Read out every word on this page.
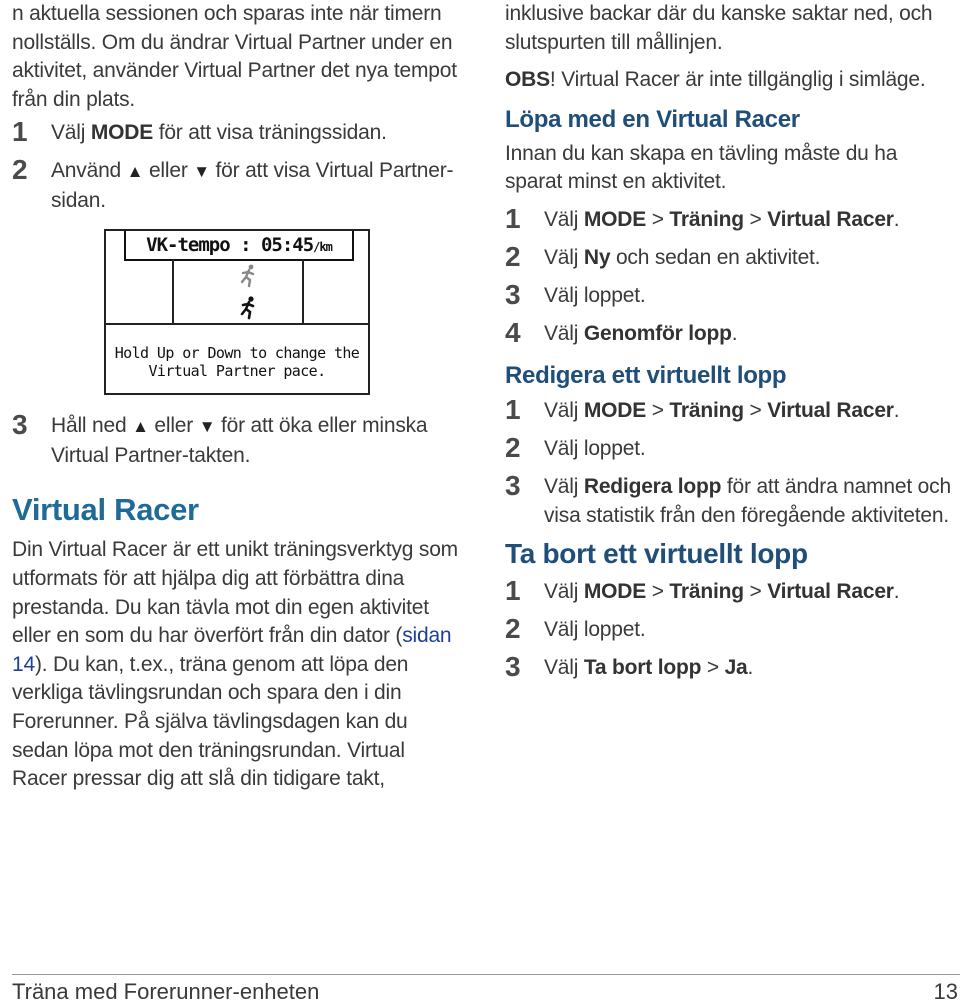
n aktuella sessionen och sparas inte när timern nollställs. Om du ändrar Virtual Partner under en aktivitet, använder Virtual Partner det nya tempot från din plats.

1 Välj MODE för att visa träningssidan.
2 Använd ▲ eller ▼ för att visa Virtual Partner-sidan.
3 Håll ned ▲ eller ▼ för att öka eller minska Virtual Partner-takten.
Virtual Racer

Din Virtual Racer är ett unikt träningsverktyg som utformats för att hjälpa dig att förbättra dina prestanda. Du kan tävla mot din egen aktivitet eller en som du har överfört från din dator (sidan 14). Du kan, t.ex., träna genom att löpa den verkliga tävlingsrundan och spara den i din Forerunner. På själva tävlingsdagen kan du sedan löpa mot den träningsrundan. Virtual Racer pressar dig att slå din tidigare takt,

VK-tempo : 05:45/km
Hold Up or Down to change the Virtual Partner pace.

inklusive backar där du kanske saktar ned, och slutspurten till mållinjen.

OBS! Virtual Racer är inte tillgänglig i simläge.

Löpa med en Virtual Racer

Innan du kan skapa en tävling måste du ha sparat minst en aktivitet.

1 Välj MODE > Träning > Virtual Racer.
2 Välj Ny och sedan en aktivitet.
3 Välj loppet.
4 Välj Genomför lopp.
Redigera ett virtuellt lopp
1 Välj MODE > Träning > Virtual Racer.
2 Välj loppet.
3 Välj Redigera lopp för att ändra namnet och visa statistik från den föregående aktiviteten.
Ta bort ett virtuellt lopp
1 Välj MODE > Träning > Virtual Racer.
2 Välj loppet.
3 Välj Ta bort lopp > Ja.
Träna med Forerunner-enheten	13
